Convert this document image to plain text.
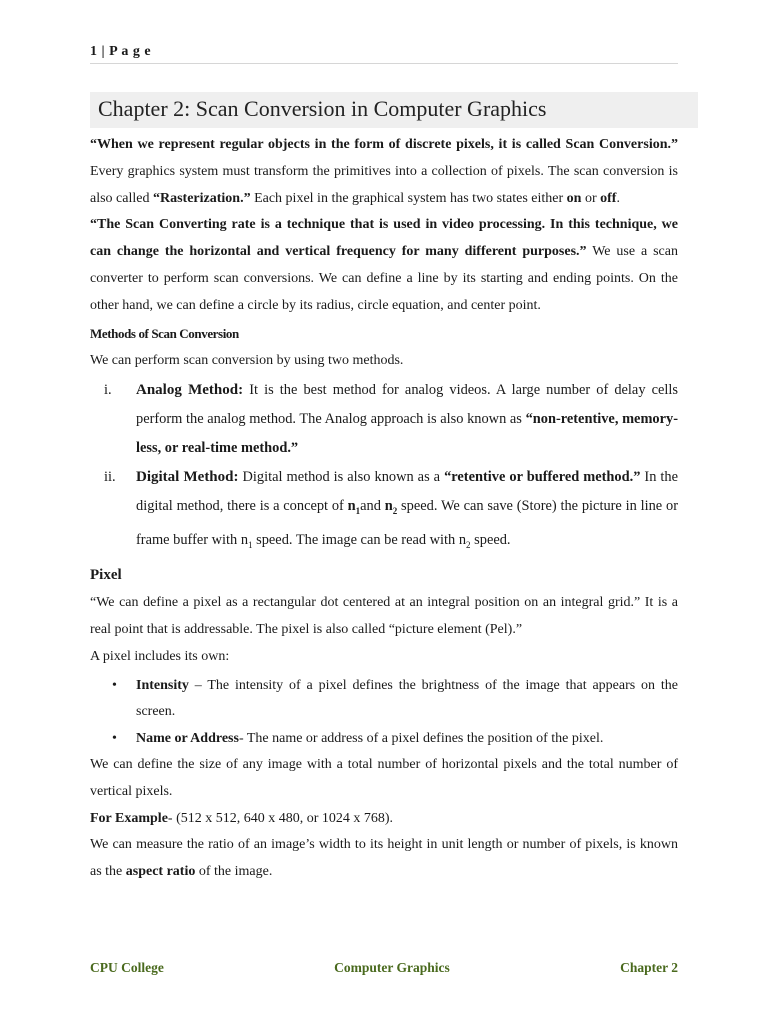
1 | P a g e
Chapter 2: Scan Conversion in Computer Graphics

“When we represent regular objects in the form of discrete pixels, it is called Scan Conversion.” Every graphics system must transform the primitives into a collection of pixels. The scan conversion is also called “Rasterization.” Each pixel in the graphical system has two states either on or off.

“The Scan Converting rate is a technique that is used in video processing. In this technique, we can change the horizontal and vertical frequency for many different purposes.” We use a scan converter to perform scan conversions. We can define a line by its starting and ending points. On the other hand, we can define a circle by its radius, circle equation, and center point.

Methods of Scan Conversion

We can perform scan conversion by using two methods.

i. Analog Method: It is the best method for analog videos. A large number of delay cells perform the analog method. The Analog approach is also known as “non-retentive, memory-less, or real-time method.”
ii. Digital Method: Digital method is also known as a “retentive or buffered method.” In the digital method, there is a concept of $n_1and$ $n_2$ speed. We can save (Store) the picture in line or frame buffer with $n_1$ speed. The image can be read with $n_2$ speed.

Pixel

“We can define a pixel as a rectangular dot centered at an integral position on an integral grid.” It is a real point that is addressable. The pixel is also called “picture element (Pel).”

A pixel includes its own:

• Intensity – The intensity of a pixel defines the brightness of the image that appears on the screen.
• Name or Address- The name or address of a pixel defines the position of the pixel.

We can define the size of any image with a total number of horizontal pixels and the total number of vertical pixels.

For Example- (512 x 512, 640 x 480, or 1024 x 768).

We can measure the ratio of an image’s width to its height in unit length or number of pixels, is known as the aspect ratio of the image.

CPU College	Computer Graphics	Chapter 2
